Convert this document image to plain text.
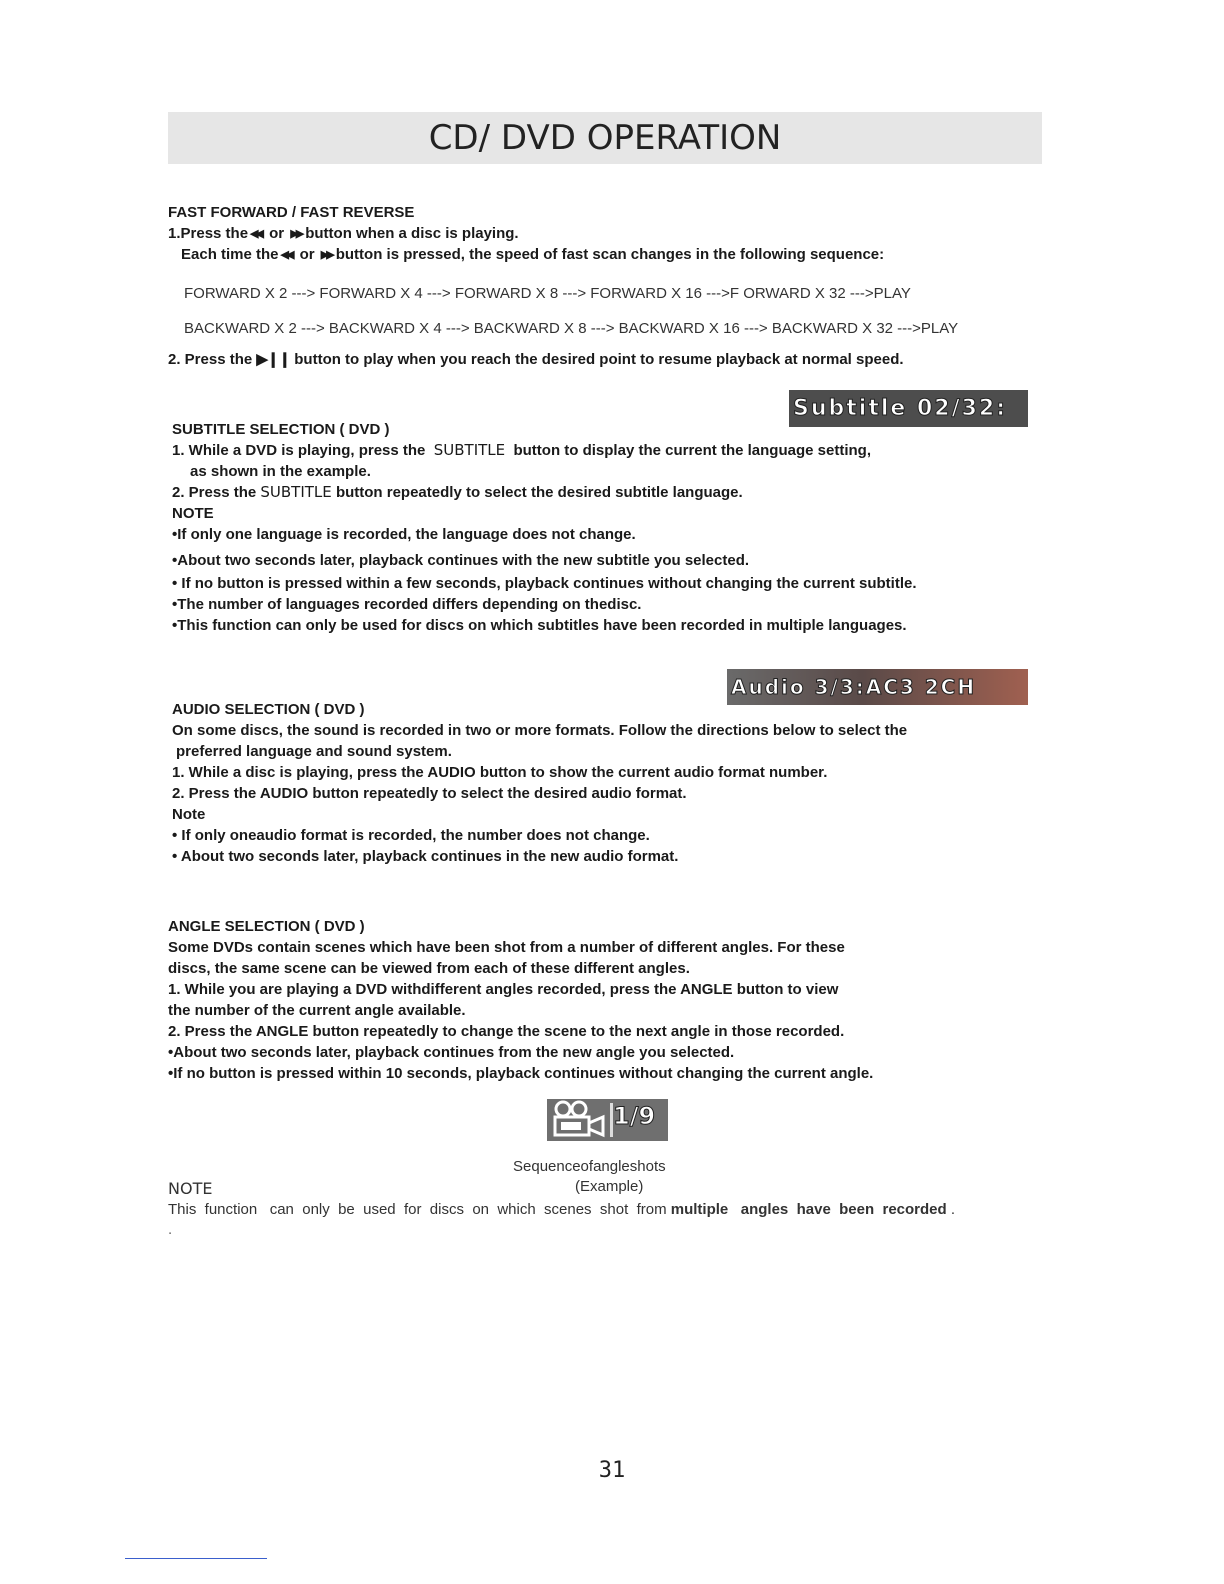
CD/ DVD OPERATION
FAST FORWARD / FAST REVERSE
1.Press the ◀◀ or ▶▶ button when a disc is playing.
Each time the ◀◀ or ▶▶ button is pressed, the speed of fast scan changes in the following sequence:
FORWARD X 2 ---> FORWARD X 4 ---> FORWARD X 8 ---> FORWARD X 16 --->F ORWARD X 32 --->PLAY
BACKWARD X 2 ---> BACKWARD X 4 ---> BACKWARD X 8 ---> BACKWARD X 16 ---> BACKWARD X 32 --->PLAY
2. Press the ▶❙❙ button to play when you reach the desired point to resume playback at normal speed.
Subtitle 02/32:
SUBTITLE SELECTION ( DVD )
1. While a DVD is playing, press the SUBTITLE button to display the current the language setting,
as shown in the example.
2. Press the SUBTITLE button repeatedly to select the desired subtitle language.
NOTE
•If only one language is recorded, the language does not change.
•About two seconds later, playback continues with the new subtitle you selected.
• If no button is pressed within a few seconds, playback continues without changing the current subtitle.
•The number of languages recorded differs depending on thedisc.
•This function can only be used for discs on which subtitles have been recorded in multiple languages.
Audio 3/3:AC3 2CH
AUDIO SELECTION ( DVD )
On some discs, the sound is recorded in two or more formats. Follow the directions below to select the
preferred language and sound system.
1. While a disc is playing, press the AUDIO button to show the current audio format number.
2. Press the AUDIO button repeatedly to select the desired audio format.
Note
• If only oneaudio format is recorded, the number does not change.
• About two seconds later, playback continues in the new audio format.
ANGLE SELECTION ( DVD )
Some DVDs contain scenes which have been shot from a number of different angles. For these
discs, the same scene can be viewed from each of these different angles.
1. While you are playing a DVD withdifferent angles recorded, press the ANGLE button to view
the number of the current angle available.
2. Press the ANGLE button repeatedly to change the scene to the next angle in those recorded.
•About two seconds later, playback continues from the new angle you selected.
•If no button is pressed within 10 seconds, playback continues without changing the current angle.
1/9
Sequenceofangleshots
(Example)
NOTE
This  function   can  only  be  used  for  discs  on  which  scenes  shot  from multiple   angles  have  been  recorded .
.
31
